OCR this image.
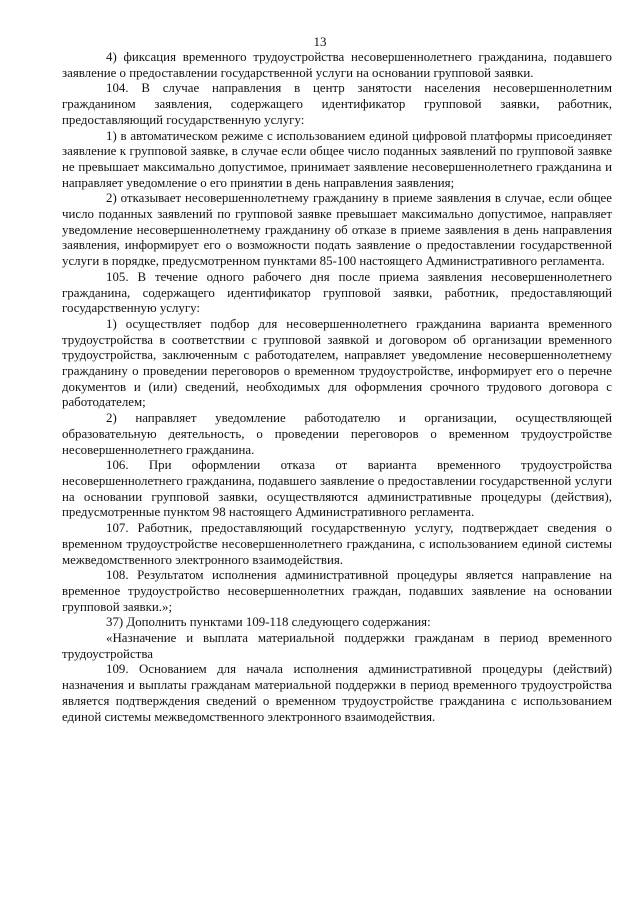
13

4) фиксация временного трудоустройства несовершеннолетнего гражданина, подавшего заявление о предоставлении государственной услуги на основании групповой заявки.

104. В случае направления в центр занятости населения несовершеннолетним гражданином заявления, содержащего идентификатор групповой заявки, работник, предоставляющий государственную услугу:

1) в автоматическом режиме с использованием единой цифровой платформы присоединяет заявление к групповой заявке, в случае если общее число поданных заявлений по групповой заявке не превышает максимально допустимое, принимает заявление несовершеннолетнего гражданина и направляет уведомление о его принятии в день направления заявления;

2) отказывает несовершеннолетнему гражданину в приеме заявления в случае, если общее число поданных заявлений по групповой заявке превышает максимально допустимое, направляет уведомление несовершеннолетнему гражданину об отказе в приеме заявления в день направления заявления, информирует его о возможности подать заявление о предоставлении государственной услуги в порядке, предусмотренном пунктами 85-100 настоящего Административного регламента.

105. В течение одного рабочего дня после приема заявления несовершеннолетнего гражданина, содержащего идентификатор групповой заявки, работник, предоставляющий государственную услугу:

1) осуществляет подбор для несовершеннолетнего гражданина варианта временного трудоустройства в соответствии с групповой заявкой и договором об организации временного трудоустройства, заключенным с работодателем, направляет уведомление несовершеннолетнему гражданину о проведении переговоров о временном трудоустройстве, информирует его о перечне документов и (или) сведений, необходимых для оформления срочного трудового договора с работодателем;

2) направляет уведомление работодателю и организации, осуществляющей образовательную деятельность, о проведении переговоров о временном трудоустройстве несовершеннолетнего гражданина.

106. При оформлении отказа от варианта временного трудоустройства несовершеннолетнего гражданина, подавшего заявление о предоставлении государственной услуги на основании групповой заявки, осуществляются административные процедуры (действия), предусмотренные пунктом 98 настоящего Административного регламента.

107. Работник, предоставляющий государственную услугу, подтверждает сведения о временном трудоустройстве несовершеннолетнего гражданина, с использованием единой системы межведомственного электронного взаимодействия.

108. Результатом исполнения административной процедуры является направление на временное трудоустройство несовершеннолетних граждан, подавших заявление на основании групповой заявки.»;

37) Дополнить пунктами 109-118 следующего содержания:

«Назначение и выплата материальной поддержки гражданам в период временного трудоустройства

109. Основанием для начала исполнения административной процедуры (действий) назначения и выплаты гражданам материальной поддержки в период временного трудоустройства является подтверждения сведений о временном трудоустройстве гражданина с использованием единой системы межведомственного электронного взаимодействия.
